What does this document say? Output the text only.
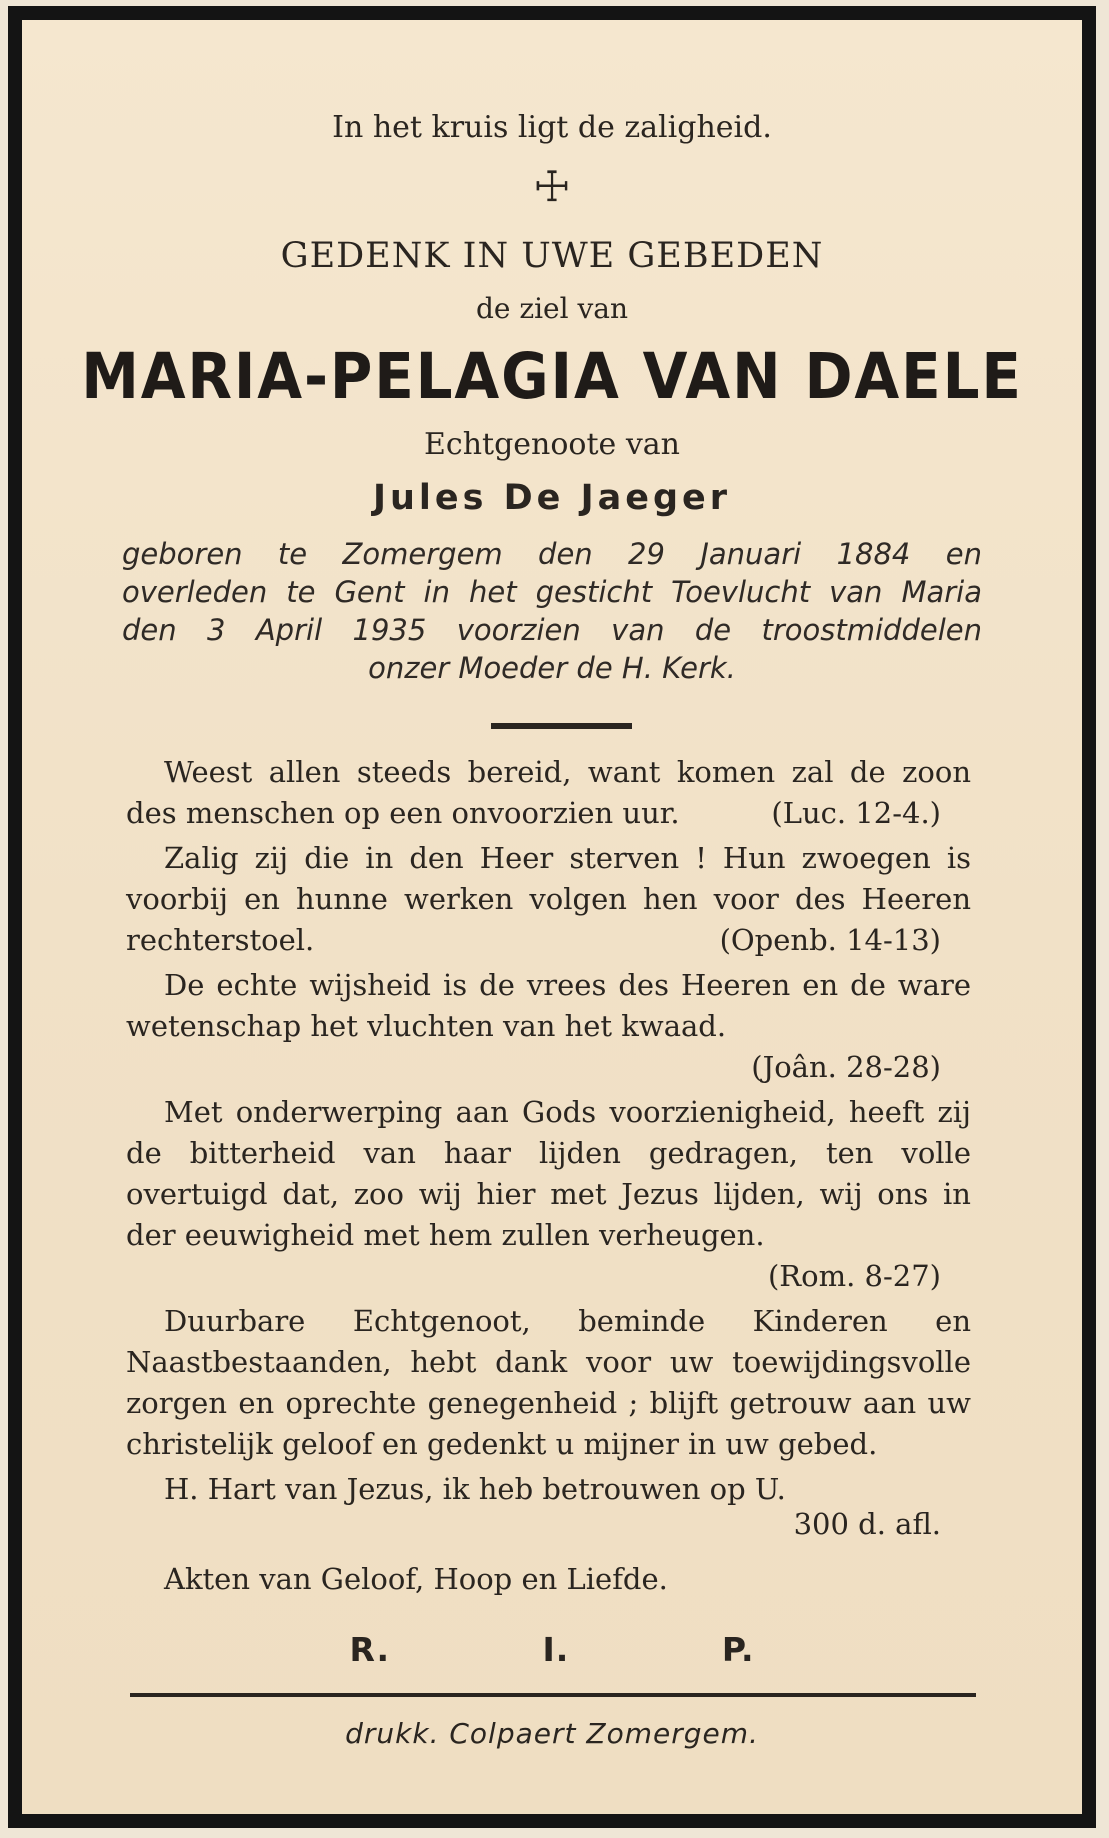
In het kruis ligt de zaligheid.
☩
GEDENK IN UWE GEBEDEN
de ziel van
MARIA-PELAGIA VAN DAELE
Echtgenoote van
Jules De Jaeger
geboren te Zomergem den 29 Januari 1884 en
overleden te Gent in het gesticht Toevlucht van Maria
den 3 April 1935 voorzien van de troostmiddelen
onzer Moeder de H. Kerk.
Weest allen steeds bereid, want komen zal de zoon des menschen op een onvoorzien uur.	(Luc. 12-4.)
Zalig zij die in den Heer sterven ! Hun zwoegen is voorbij en hunne werken volgen hen voor des Heeren rechterstoel.	(Openb. 14-13)
De echte wijsheid is de vrees des Heeren en de ware wetenschap het vluchten van het kwaad.
(Joân. 28-28)
Met onderwerping aan Gods voorzienigheid, heeft zij de bitterheid van haar lijden gedragen, ten volle overtuigd dat, zoo wij hier met Jezus lijden, wij ons in der eeuwigheid met hem zullen verheugen.
(Rom. 8-27)
Duurbare Echtgenoot, beminde Kinderen en Naastbestaanden, hebt dank voor uw toewijdingsvolle zorgen en oprechte genegenheid ; blijft getrouw aan uw christelijk geloof en gedenkt u mijner in uw gebed.
H. Hart van Jezus, ik heb betrouwen op U.
300 d. afl.
Akten van Geloof, Hoop en Liefde.
R.	I.	P.
drukk. Colpaert Zomergem.
